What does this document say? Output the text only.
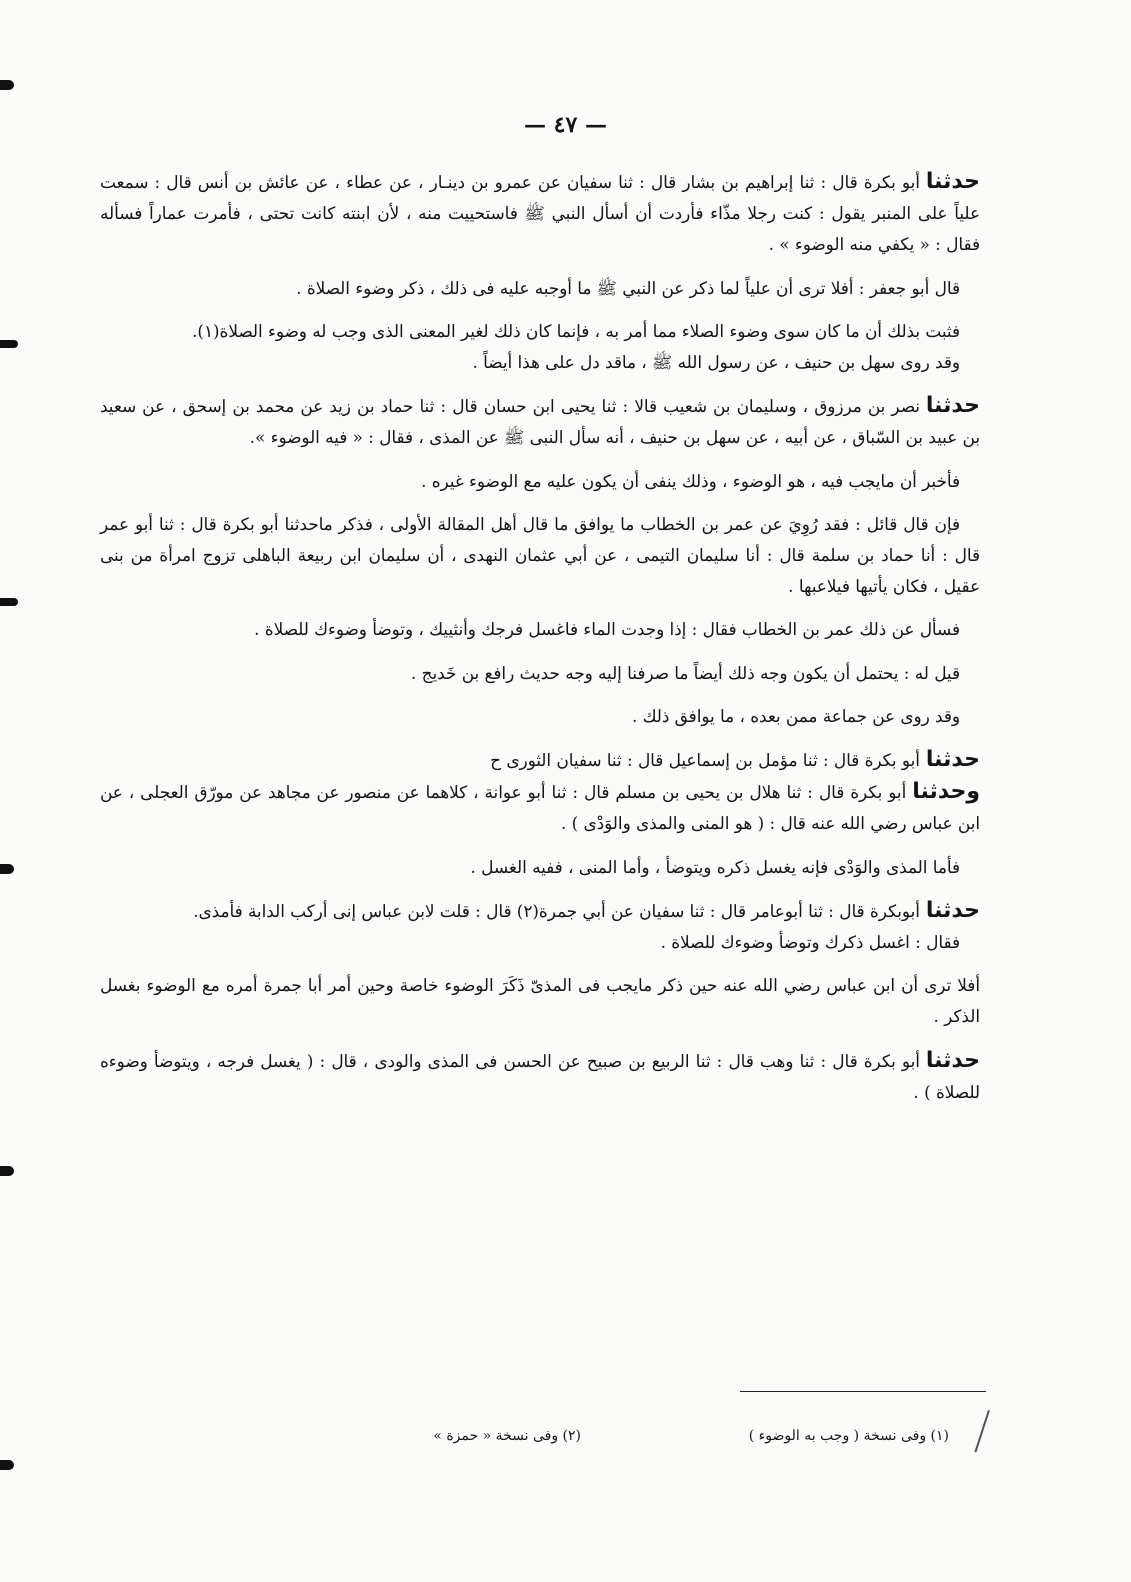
— ٤٧ —

حدثناأبو بكرة قال : ثنا إبراهيم بن بشار قال : ثنا سفيان عن عمرو بن دينـار ، عن عطاء ، عن عائش بن أنس قال : سمعت علياً على المنبر يقول : كنت رجلا مذّاء فأردت أن أسأل النبي ﷺ فاستحييت منه ، لأن ابنته كانت تحتى ، فأمرت عماراً فسأله فقال : « يكفي منه الوضوء » .

قال أبو جعفر : أفلا ترى أن علياً لما ذكر عن النبي ﷺ ما أوجبه عليه فى ذلك ، ذكر وضوء الصلاة .

فثبت بذلك أن ما كان سوى وضوء الصلاء مما أمر به ، فإنما كان ذلك لغير المعنى الذى وجب له وضوء الصلاة(١).

وقد روى سهل بن حنيف ، عن رسول الله ﷺ ، ماقد دل على هذا أيضاً .

حدثنانصر بن مرزوق ، وسليمان بن شعيب قالا : ثنا يحيى ابن حسان قال : ثنا حماد بن زيد عن محمد بن إسحق ، عن سعيد بن عبيد بن السّباق ، عن أبيه ، عن سهل بن حنيف ، أنه سأل النبى ﷺ عن المذى ، فقال : « فيه الوضوء ».

فأخبر أن مايجب فيه ، هو الوضوء ، وذلك ينفى أن يكون عليه مع الوضوء غيره .

فإن قال قائل : فقد رُوِيَ عن عمر بن الخطاب ما يوافق ما قال أهل المقالة الأولى ، فذكر ماحدثنا أبو بكرة قال : ثنا أبو عمر قال : أنا حماد بن سلمة قال : أنا سليمان التيمى ، عن أبي عثمان النهدى ، أن سليمان ابن ربيعة الباهلى تزوج امرأة من بنى عقيل ، فكان يأتيها فيلاعبها .

فسأل عن ذلك عمر بن الخطاب فقال : إذا وجدت الماء فاغسل فرجك وأنثييك ، وتوضأ وضوءك للصلاة .

قيل له : يحتمل أن يكون وجه ذلك أيضاً ما صرفنا إليه وجه حديث رافع بن خَديج .

وقد روى عن جماعة ممن بعده ، ما يوافق ذلك .

حدثناأبو بكرة قال : ثنا مؤمل بن إسماعيل قال : ثنا سفيان الثورى ح

وحدثناأبو بكرة قال : ثنا هلال بن يحيى بن مسلم قال : ثنا أبو عوانة ، كلاهما عن منصور عن مجاهد عن مورّق العجلى ، عن ابن عباس رضي الله عنه قال : ( هو المنى والمذى والوَدْى ) .

فأما المذى والوَدْى فإنه يغسل ذكره ويتوضأ ، وأما المنى ، ففيه الغسل .

حدثناأبوبكرة قال : ثنا أبوعامر قال : ثنا سفيان عن أبي جمرة(٢) قال : قلت لابن عباس إنى أركب الدابة فأمذى.

فقال : اغسل ذكرك وتوضأ وضوءك للصلاة .

أفلا ترى أن ابن عباس رضي الله عنه حين ذكر مايجب فى المذىّ ذَكَرَ الوضوء خاصة وحين أمر أبا جمرة أمره مع الوضوء بغسل الذكر .

حدثناأبو بكرة قال : ثنا وهب قال : ثنا الربيع بن صبيح عن الحسن فى المذى والودى ، قال : ( يغسل فرجه ، ويتوضأ وضوءه للصلاة ) .

(١) وفى نسخة ( وجب به الوضوء )
(٢) وفى نسخة « حمزة »
